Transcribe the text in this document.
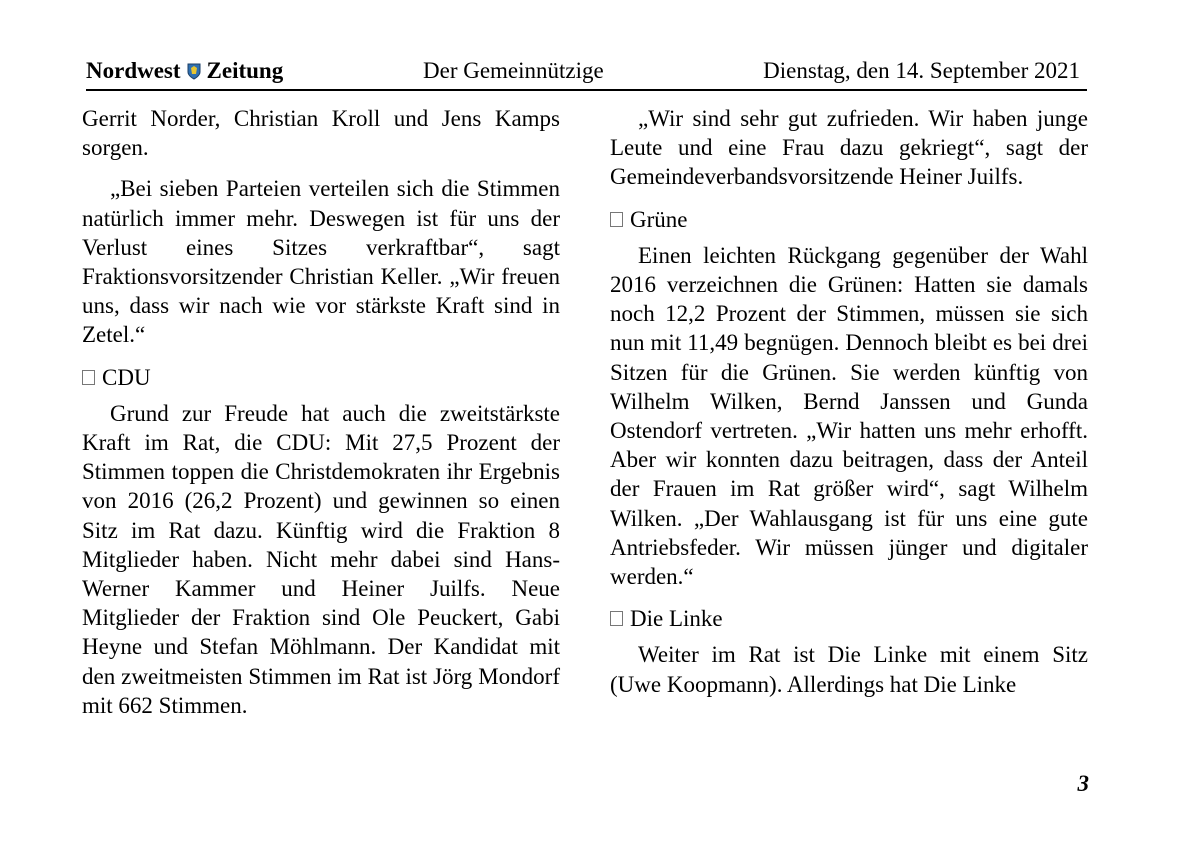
Nordwest Zeitung	Der Gemeinnützige	Dienstag, den 14. September 2021

Gerrit Norder, Christian Kroll und Jens Kamps sorgen.

„Bei sieben Parteien verteilen sich die Stimmen natürlich immer mehr. Deswegen ist für uns der Verlust eines Sitzes verkraftbar“, sagt Fraktionsvorsitzender Christian Keller. „Wir freuen uns, dass wir nach wie vor stärkste Kraft sind in Zetel.“

CDU

Grund zur Freude hat auch die zweitstärkste Kraft im Rat, die CDU: Mit 27,5 Prozent der Stimmen toppen die Christdemokraten ihr Ergebnis von 2016 (26,2 Prozent) und gewinnen so einen Sitz im Rat dazu. Künftig wird die Fraktion 8 Mitglieder haben. Nicht mehr dabei sind Hans-Werner Kammer und Heiner Juilfs. Neue Mitglieder der Fraktion sind Ole Peuckert, Gabi Heyne und Stefan Möhlmann. Der Kandidat mit den zweitmeisten Stimmen im Rat ist Jörg Mondorf mit 662 Stimmen.

„Wir sind sehr gut zufrieden. Wir haben junge Leute und eine Frau dazu gekriegt“, sagt der Gemeindeverbandsvorsitzende Heiner Juilfs.

Grüne

Einen leichten Rückgang gegenüber der Wahl 2016 verzeichnen die Grünen: Hatten sie damals noch 12,2 Prozent der Stimmen, müssen sie sich nun mit 11,49 begnügen. Dennoch bleibt es bei drei Sitzen für die Grünen. Sie werden künftig von Wilhelm Wilken, Bernd Janssen und Gunda Ostendorf vertreten. „Wir hatten uns mehr erhofft. Aber wir konnten dazu beitragen, dass der Anteil der Frauen im Rat größer wird“, sagt Wilhelm Wilken. „Der Wahlausgang ist für uns eine gute Antriebsfeder. Wir müssen jünger und digitaler werden.“

Die Linke

Weiter im Rat ist Die Linke mit einem Sitz (Uwe Koopmann). Allerdings hat Die Linke

3
